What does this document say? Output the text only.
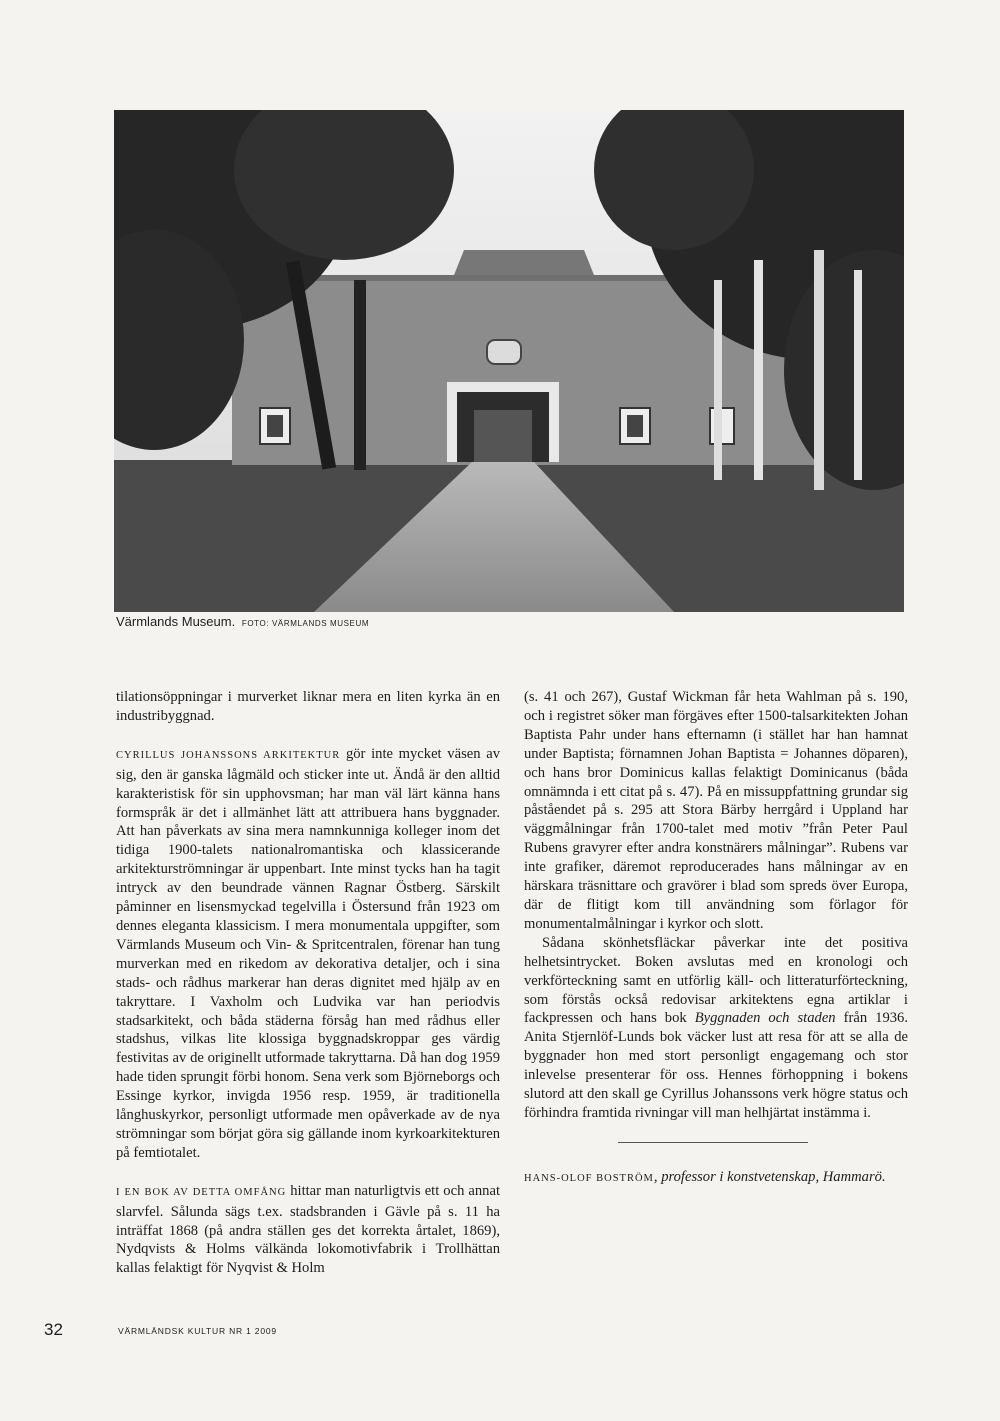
Värmlands Museum. FOTO: VÄRMLANDS MUSEUM

tilationsöppningar i murverket liknar mera en liten kyrka än en industribyggnad.

CYRILLUS JOHANSSONS ARKITEKTUR gör inte mycket väsen av sig, den är ganska lågmäld och sticker inte ut. Ändå är den alltid karakteristisk för sin upphovsman; har man väl lärt känna hans formspråk är det i allmänhet lätt att attribuera hans byggnader. Att han påverkats av sina mera namnkunniga kolleger inom det tidiga 1900-talets nationalromantiska och klassicerande arkitekturströmningar är uppenbart. Inte minst tycks han ha tagit intryck av den beundrade vännen Ragnar Östberg. Särskilt påminner en lisensmyckad tegelvilla i Östersund från 1923 om dennes eleganta klassicism. I mera monumentala uppgifter, som Värmlands Museum och Vin- & Spritcentralen, förenar han tung murverkan med en rikedom av dekorativa detaljer, och i sina stads- och rådhus markerar han deras dignitet med hjälp av en takryttare. I Vaxholm och Ludvika var han periodvis stadsarkitekt, och båda städerna försåg han med rådhus eller stadshus, vilkas lite klossiga byggnadskroppar ges värdig festivitas av de originellt utformade takryttarna. Då han dog 1959 hade tiden sprungit förbi honom. Sena verk som Björneborgs och Essinge kyrkor, invigda 1956 resp. 1959, är traditionella långhuskyrkor, personligt utformade men opåverkade av de nya strömningar som börjat göra sig gällande inom kyrkoarkitekturen på femtiotalet.

I EN BOK AV DETTA OMFÅNG hittar man naturligtvis ett och annat slarvfel. Sålunda sägs t.ex. stadsbranden i Gävle på s. 11 ha inträffat 1868 (på andra ställen ges det korrekta årtalet, 1869), Nydqvists & Holms välkända lokomotivfabrik i Trollhättan kallas felaktigt för Nyqvist & Holm

(s. 41 och 267), Gustaf Wickman får heta Wahlman på s. 190, och i registret söker man förgäves efter 1500-talsarkitekten Johan Baptista Pahr under hans efternamn (i stället har han hamnat under Baptista; förnamnen Johan Baptista = Johannes döparen), och hans bror Dominicus kallas felaktigt Dominicanus (båda omnämnda i ett citat på s. 47). På en missuppfattning grundar sig påståendet på s. 295 att Stora Bärby herrgård i Uppland har väggmålningar från 1700-talet med motiv ”från Peter Paul Rubens gravyrer efter andra konstnärers målningar”. Rubens var inte grafiker, däremot reproducerades hans målningar av en härskara träsnittare och gravörer i blad som spreds över Europa, där de flitigt kom till användning som förlagor för monumentalmålningar i kyrkor och slott.

Sådana skönhetsfläckar påverkar inte det positiva helhetsintrycket. Boken avslutas med en kronologi och verkförteckning samt en utförlig käll- och litteraturförteckning, som förstås också redovisar arkitektens egna artiklar i fackpressen och hans bok Byggnaden och staden från 1936. Anita Stjernlöf-Lunds bok väcker lust att resa för att se alla de byggnader hon med stort personligt engagemang och stor inlevelse presenterar för oss. Hennes förhoppning i bokens slutord att den skall ge Cyrillus Johanssons verk högre status och förhindra framtida rivningar vill man helhjärtat instämma i.

HANS-OLOF BOSTRÖM, professor i konstvetenskap, Hammarö.
32	VÄRMLÄNDSK KULTUR NR 1 2009
